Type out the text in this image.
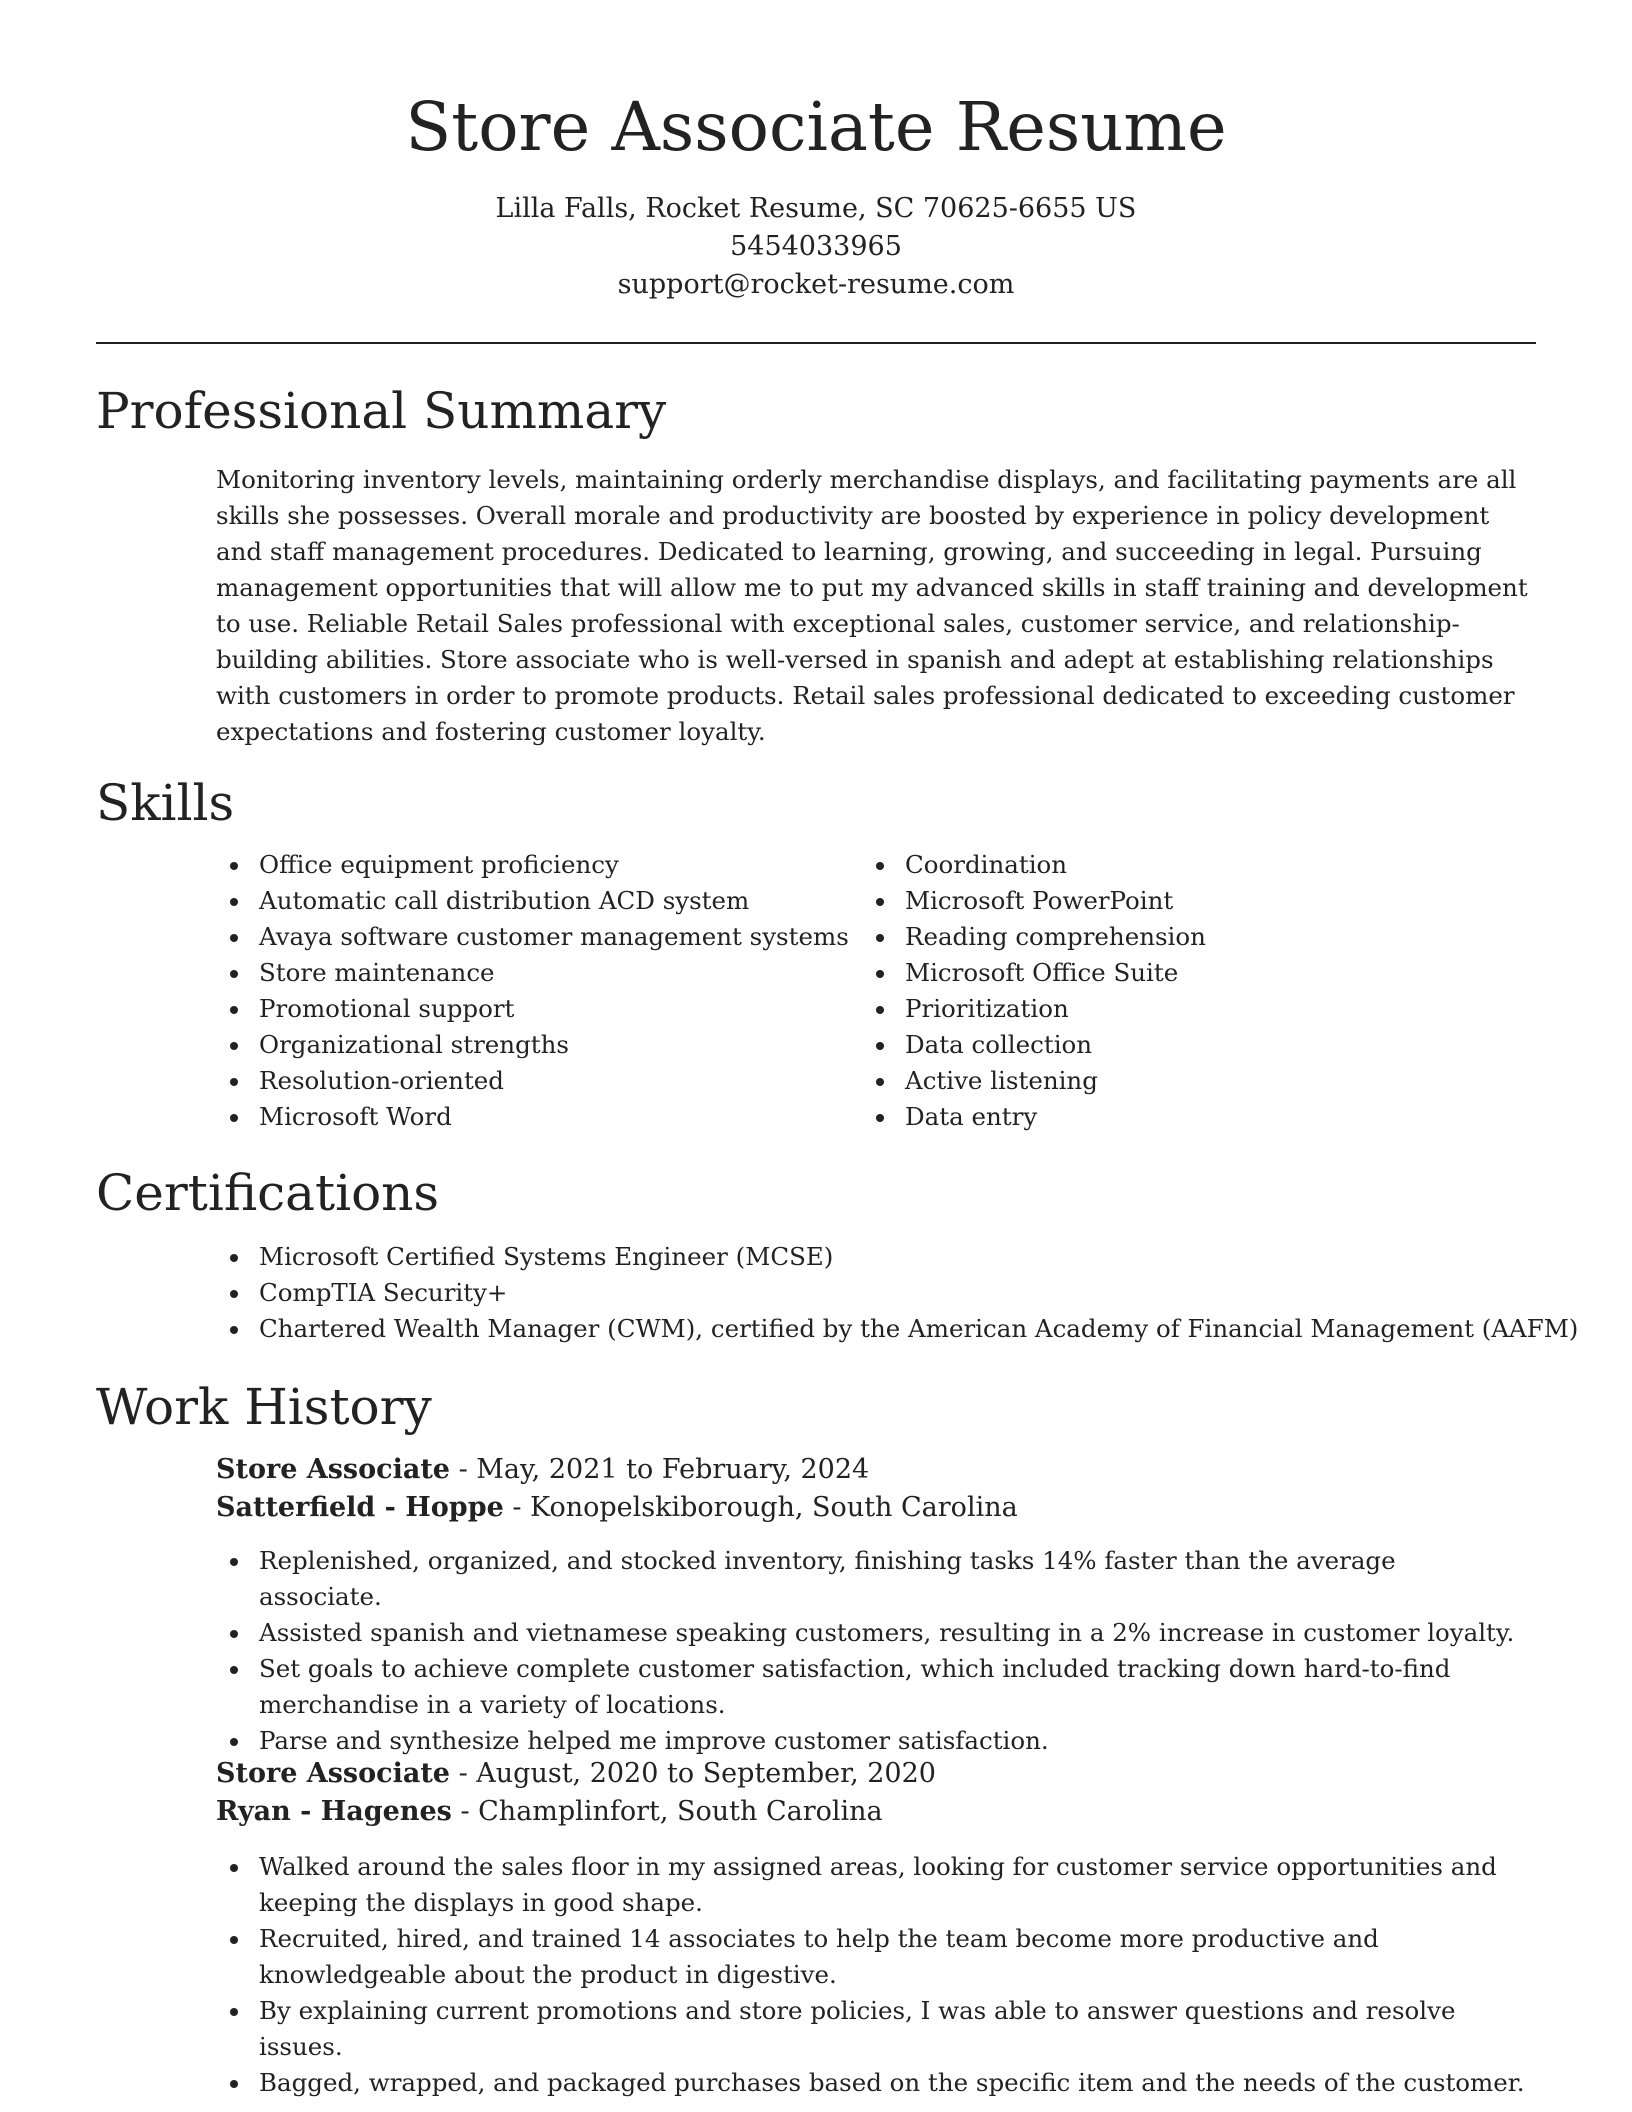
Store Associate Resume
Lilla Falls, Rocket Resume, SC 70625-6655 US
5454033965
support@rocket-resume.com
Professional Summary

Monitoring inventory levels, maintaining orderly merchandise displays, and facilitating payments are all skills she possesses. Overall morale and productivity are boosted by experience in policy development and staff management procedures. Dedicated to learning, growing, and succeeding in legal. Pursuing management opportunities that will allow me to put my advanced skills in staff training and development to use. Reliable Retail Sales professional with exceptional sales, customer service, and relationship-building abilities. Store associate who is well-versed in spanish and adept at establishing relationships with customers in order to promote products. Retail sales professional dedicated to exceeding customer expectations and fostering customer loyalty.

Skills
Office equipment proficiency
Automatic call distribution ACD system
Avaya software customer management systems
Store maintenance
Promotional support
Organizational strengths
Resolution-oriented
Microsoft Word
Coordination
Microsoft PowerPoint
Reading comprehension
Microsoft Office Suite
Prioritization
Data collection
Active listening
Data entry
Certifications
Microsoft Certified Systems Engineer (MCSE)
CompTIA Security+
Chartered Wealth Manager (CWM), certified by the American Academy of Financial Management (AAFM)
Work History
Store Associate - May, 2021 to February, 2024
Satterfield - Hoppe - Konopelskiborough, South Carolina
Replenished, organized, and stocked inventory, finishing tasks 14% faster than the average associate.
Assisted spanish and vietnamese speaking customers, resulting in a 2% increase in customer loyalty.
Set goals to achieve complete customer satisfaction, which included tracking down hard-to-find merchandise in a variety of locations.
Parse and synthesize helped me improve customer satisfaction.
Store Associate - August, 2020 to September, 2020
Ryan - Hagenes - Champlinfort, South Carolina
Walked around the sales floor in my assigned areas, looking for customer service opportunities and keeping the displays in good shape.
Recruited, hired, and trained 14 associates to help the team become more productive and knowledgeable about the product in digestive.
By explaining current promotions and store policies, I was able to answer questions and resolve issues.
Bagged, wrapped, and packaged purchases based on the specific item and the needs of the customer.
